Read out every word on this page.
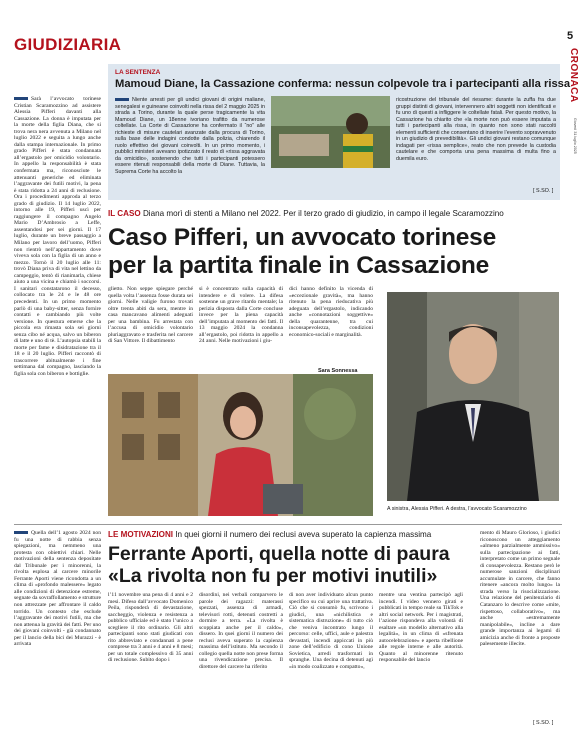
GIUDIZIARIA	5
CRONACA
Giovedì 31 luglio 2025
Sarà l’avvocato torinese Cristian Scaramozzino ad assistere Alessia Pifferi davanti alla Cassazione. La donna è imputata per la morte della figlia Diana, che si trova nera nera avvenuta a Milano nel luglio 2022 e seguita a lungo anche dalla stampa internazionale. In primo grado Pifferi è stata condannata all’ergastolo per omicidio volontario. In appello la responsabilità è stata confermata ma, riconosciute le attenuanti generiche ed eliminata l’aggravante dei futili motivi, la pena è stata ridotta a 24 anni di reclusione. Ora i procedimenti approda al terzo grado di giudizio. Il 14 luglio 2022, intorno alle 19, Pifferi uscì per raggiungere il compagno Angelo Mario D’Ambrosio a Leffe, assentandosi per sei giorni. Il 17 luglio, durante un breve passaggio a Milano per lavoro dell’uomo, Pifferi non rientrò nell’appartamento dove viveva sola con la figlia di un anno e mezzo. Tornò il 20 luglio alle 11: trovò Diana priva di vita nel lettino da campeggio, tentò di rianimarla, chiese aiuto a una vicina e chiamò i soccorsi. I sanitari constatarono il decesso, collocato tra le 24 e le 48 ore precedenti. In un primo momento parlò di una baby-sitter, senza fornire contatti e cambiando più volte versione. In questura emerse che la piccola era rimasta sola sei giorni senza cibo né acqua, salvo un biberon di latte e uno di tè. L’autopsia stabilì la morte per fame e disidratazione tra il 18 e il 20 luglio. Pifferi raccontò di trascorrere abitualmente i fine settimana dal compagno, lasciando la figlia sola con biberon e bottiglie.
LA SENTENZA
Mamoud Diane, la Cassazione conferma: nessun colpevole tra i partecipanti alla rissa
Niente arresti per gli undici giovani di origini maliane, senegalesi e guineane coinvolti nella rissa del 2 maggio 2025 in strada a Torino, durante la quale perse tragicamente la vita Mamoud Diane, un 18enne ivoriano trafitto da numerose coltellate. La Corte di Cassazione ha confermato il “no” alle richieste di misure cautelari avanzate dalla procura di Torino, sulla base delle indagini condotte dalla polizia, chiarendo il ruolo effettivo dei giovani coinvolti. In un primo momento, i pubblici ministeri avevano ipotizzato il reato di «rissa aggravata da omicidio», sostenendo che tutti i partecipanti potessero essere ritenuti responsabili della morte di Diane. Tuttavia, la Suprema Corte ha accolto la
ricostruzione del tribunale del riesame: durante la zuffa fra due gruppi distinti di giovani, intervennero altri soggetti non identificati e fu uno di questi a infliggere le coltellate fatali. Per questo motivo, la Cassazione ha chiarito che «la morte non può essere imputata a tutti i partecipanti alla rissa, in quanto non sono stati raccolti elementi sufficienti che consentano di inserire l’evento sopravvenuto in un giudizio di prevedibilità». Gli undici giovani restano comunque indagati per «rissa semplice», reato che non prevede la custodia cautelare e che comporta una pena massima di multa fino a duemila euro.
[ S.SO. ]
IL CASO Diana morì di stenti a Milano nel 2022. Per il terzo grado di giudizio, in campo il legale Scaramozzino
Caso Pifferi, un avvocato torinese
per la partita finale in Cassazione
glietto. Non seppe spiegare perché quella volta l’assenza fosse durata sei giorni. Nelle valigie furono trovati oltre trenta abiti da sera, mentre in casa mancavano alimenti adeguati per una bambina. Fu arrestata con l’accusa di omicidio volontario pluriaggravato e trasferita nel carcere di San Vittore. Il dibattimento
si è concentrato sulla capacità di intendere e di volere. La difesa sostenne un grave ritardo mentale; la perizia disposta dalla Corte concluse invece per la piena capacità dell’imputata al momento dei fatti. Il 13 maggio 2024 la condanna all’ergastolo, poi ridotta in appello a 24 anni. Nelle motivazioni i giu-
dici hanno definito la vicenda di «eccezionale gravità», ma hanno ritenuto la pena rieducativa più adeguata dell’ergastolo, indicando anche «connotazioni soggettive» della quarantenne, tra cui inconsapevolezza, condizioni economico-sociali e marginalità.
Sara Sonnessa
A sinistra, Alessia Pifferi. A destra, l’avvocato Scaramozzino
Quella dell’1 agosto 2024 non fu una notte di rabbia senza spiegazioni, ma nemmeno una protesta con obiettivi chiari. Nelle motivazioni della sentenza depositate dal Tribunale per i minorenni, la rivolta esplosa al carcere minorile Ferrante Aporti viene ricondotta a un clima di «profondo malessere» legato alle condizioni di detenzione estreme, segnate da sovraffollamento e strutture non attrezzate per affrontare il caldo torrido. Un contesto che esclude l’aggravante dei motivi futili, ma che non attenua la gravità dei fatti. Per uno dei giovani coinvolti - già condannato per il lancio della bici dei Murazzi - è arrivata
LE MOTIVAZIONI In quei giorni il numero dei reclusi aveva superato la capienza massima
Ferrante Aporti, quella notte di paura
«La rivolta non fu per motivi inutili»
l’11 novembre una pena di 4 anni e 2 mesi. Difeso dall’avvocato Domenico Peila, risponderà di devastazione, saccheggio, violenza e resistenza a pubblico ufficiale ed è stato l’unico a scegliere il rito ordinario. Gli altri partecipanti sono stati giudicati con rito abbreviato e condannati a pene comprese tra 3 anni e 4 anni e 8 mesi; per un totale complessivo di 35 anni di reclusione. Subito dopo i
disordini, nei verbali comparvero le parole dei ragazzi: materassi spezzati, assenza di armadi, televisori rotti, detenuti costretti a dormire a terra. «La rivolta è scoppiata anche per il caldo», dissero. In quei giorni il numero dei reclusi aveva superato la capienza massima dell’istituto. Ma secondo il collegio quella notte non prese forma una rivendicazione precisa. Il direttore del carcere ha riferito
di non aver individuato alcun punto specifico su cui aprire una trattativa. Ciò che si consumò fu, scrivono i giudici, una «nichilistica e sistematica distruzione» di tutto ciò che veniva incontrato lungo il percorso: celle, uffici, aule e palestra devastati, incendi appiccati in più zone dell’edificio di cono Unione Sovietica, arredi trasformati in spranghe. Una decina di detenuti agì «in modo coalizzato e compatto»,
mentre una ventina partecipò agli incendi. I video vennero girati e pubblicati in tempo reale su TikTok e altri social network. Per i magistrati, l’azione rispondeva alla volontà di esaltare «un modello alternativo alla legalità», in un clima di «sfrenata autocelebrazione» e aperta ribellione alle regole interne e alle autorità. Quanto al minorenne ritenuto responsabile del lancio
mento di Mauro Glorioso, i giudici riconoscono un atteggiamento «almeno parzialmente ammissivo» sulla partecipazione ai fatti, interpretato come un primo segnale di consapevolezza. Restano però le numerose sanzioni disciplinari accumulate in carcere, che fanno ritenere «ancora molto lungo» la strada verso la risocializzazione. Una relazione del penitenziario di Catanzaro lo descrive come «mite, rispettoso, collaborativo», ma anche «estremamente manipolabile», incline a dare grande importanza ai legami di amicizia anche di fronte a proposte palesemente illecite.
[ S.SO. ]
